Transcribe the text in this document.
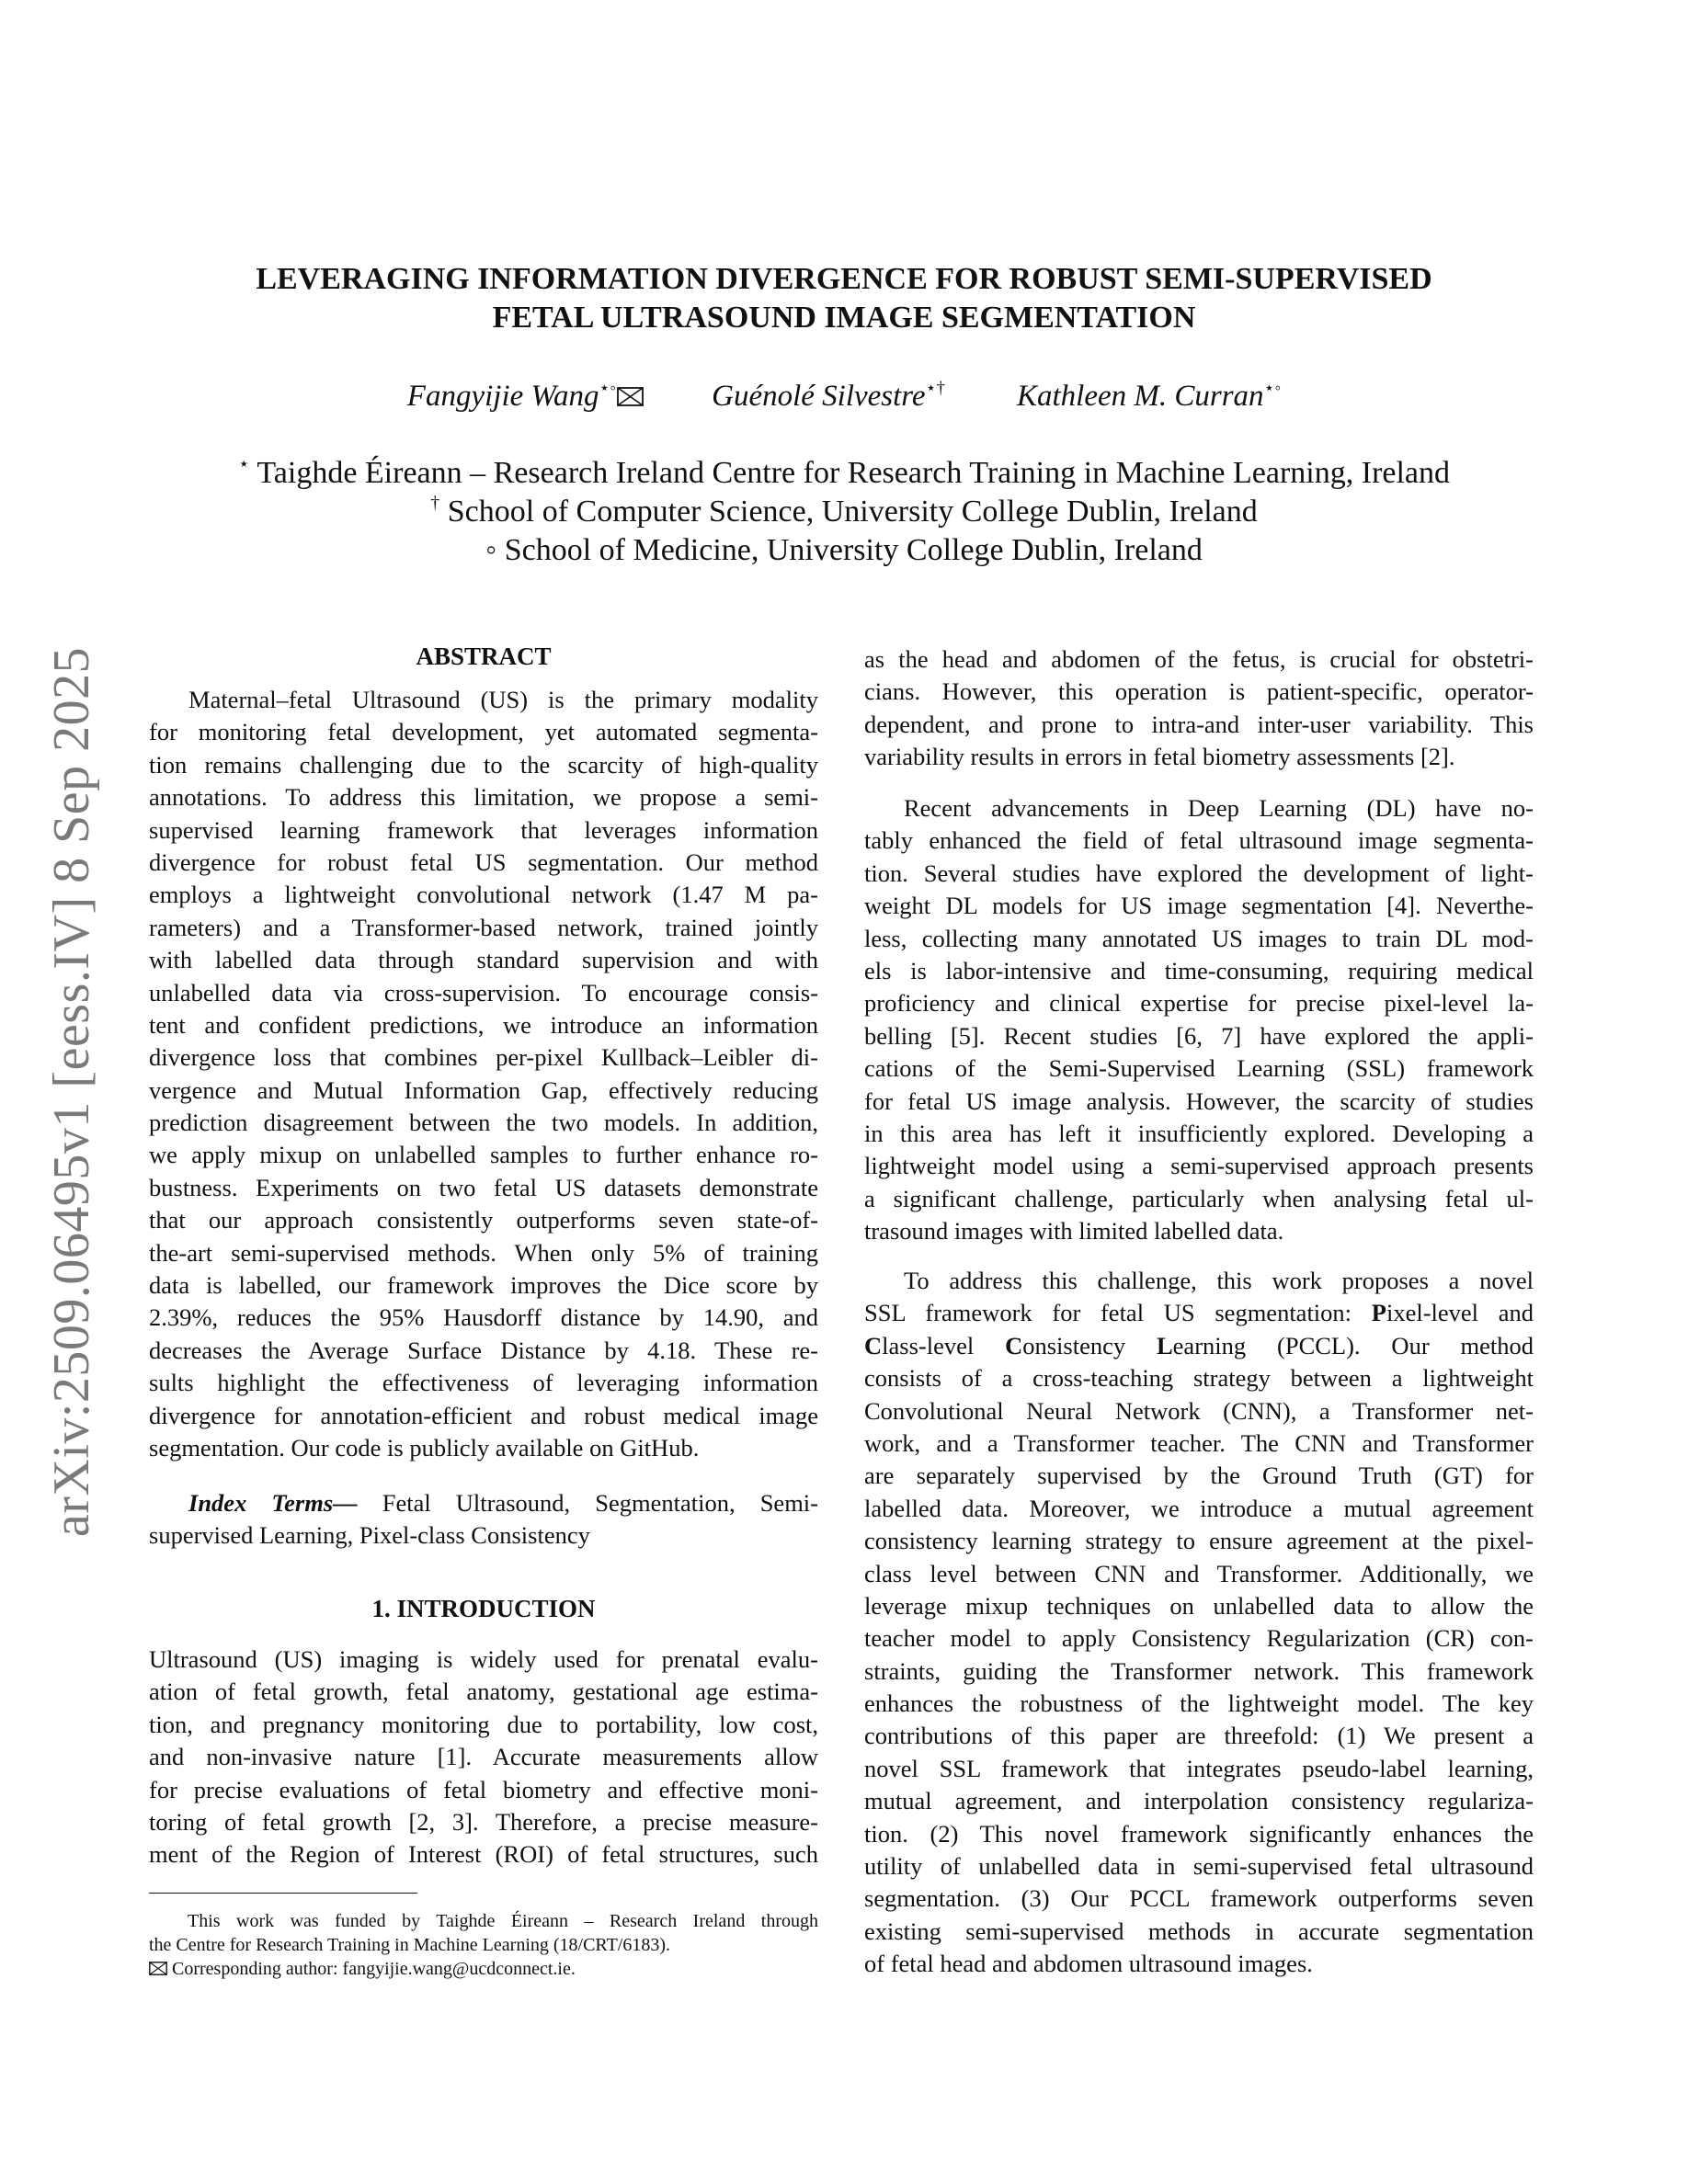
LEVERAGING INFORMATION DIVERGENCE FOR ROBUST SEMI-SUPERVISED
FETAL ULTRASOUND IMAGE SEGMENTATION
Fangyijie Wang⋆◦	Guénolé Silvestre⋆† Kathleen M. Curran⋆◦
⋆ Taighde Éireann – Research Ireland Centre for Research Training in Machine Learning, Ireland
† School of Computer Science, University College Dublin, Ireland
◦ School of Medicine, University College Dublin, Ireland
arXiv:2509.06495v1 [eess.IV] 8 Sep 2025	ABSTRACT
Maternal–fetal Ultrasound (US) is the primary modality
for monitoring fetal development, yet automated segmenta-
tion remains challenging due to the scarcity of high-quality
annotations. To address this limitation, we propose a semi-
supervised learning framework that leverages information
divergence for robust fetal US segmentation. Our method
employs a lightweight convolutional network (1.47 M pa-
rameters) and a Transformer-based network, trained jointly
with labelled data through standard supervision and with
unlabelled data via cross-supervision. To encourage consis-
tent and confident predictions, we introduce an information
divergence loss that combines per-pixel Kullback–Leibler di-
vergence and Mutual Information Gap, effectively reducing
prediction disagreement between the two models. In addition,
we apply mixup on unlabelled samples to further enhance ro-
bustness. Experiments on two fetal US datasets demonstrate
that our approach consistently outperforms seven state-of-
the-art semi-supervised methods. When only 5% of training
data is labelled, our framework improves the Dice score by
2.39%, reduces the 95% Hausdorff distance by 14.90, and
decreases the Average Surface Distance by 4.18. These re-
sults highlight the effectiveness of leveraging information
divergence for annotation-efficient and robust medical image
segmentation. Our code is publicly available on GitHub.
Index Terms— Fetal Ultrasound, Segmentation, Semi-
supervised Learning, Pixel-class Consistency
1. INTRODUCTION
Ultrasound (US) imaging is widely used for prenatal evalu-
ation of fetal growth, fetal anatomy, gestational age estima-
tion, and pregnancy monitoring due to portability, low cost,
and non-invasive nature [1]. Accurate measurements allow
for precise evaluations of fetal biometry and effective moni-
toring of fetal growth [2, 3]. Therefore, a precise measure-
ment of the Region of Interest (ROI) of fetal structures, such
This work was funded by Taighde Éireann – Research Ireland through
the Centre for Research Training in Machine Learning (18/CRT/6183).
Corresponding author: fangyijie.wang@ucdconnect.ie.
as the head and abdomen of the fetus, is crucial for obstetri-
cians. However, this operation is patient-specific, operator-
dependent, and prone to intra-and inter-user variability. This
variability results in errors in fetal biometry assessments [2].
Recent advancements in Deep Learning (DL) have no-
tably enhanced the field of fetal ultrasound image segmenta-
tion. Several studies have explored the development of light-
weight DL models for US image segmentation [4]. Neverthe-
less, collecting many annotated US images to train DL mod-
els is labor-intensive and time-consuming, requiring medical
proficiency and clinical expertise for precise pixel-level la-
belling [5]. Recent studies [6, 7] have explored the appli-
cations of the Semi-Supervised Learning (SSL) framework
for fetal US image analysis. However, the scarcity of studies
in this area has left it insufficiently explored. Developing a
lightweight model using a semi-supervised approach presents
a significant challenge, particularly when analysing fetal ul-
trasound images with limited labelled data.
To address this challenge, this work proposes a novel
SSL framework for fetal US segmentation: Pixel-level and
Class-level Consistency Learning (PCCL). Our method
consists of a cross-teaching strategy between a lightweight
Convolutional Neural Network (CNN), a Transformer net-
work, and a Transformer teacher. The CNN and Transformer
are separately supervised by the Ground Truth (GT) for
labelled data. Moreover, we introduce a mutual agreement
consistency learning strategy to ensure agreement at the pixel-
class level between CNN and Transformer. Additionally, we
leverage mixup techniques on unlabelled data to allow the
teacher model to apply Consistency Regularization (CR) con-
straints, guiding the Transformer network. This framework
enhances the robustness of the lightweight model. The key
contributions of this paper are threefold: (1) We present a
novel SSL framework that integrates pseudo-label learning,
mutual agreement, and interpolation consistency regulariza-
tion. (2) This novel framework significantly enhances the
utility of unlabelled data in semi-supervised fetal ultrasound
segmentation. (3) Our PCCL framework outperforms seven
existing semi-supervised methods in accurate segmentation
of fetal head and abdomen ultrasound images.
